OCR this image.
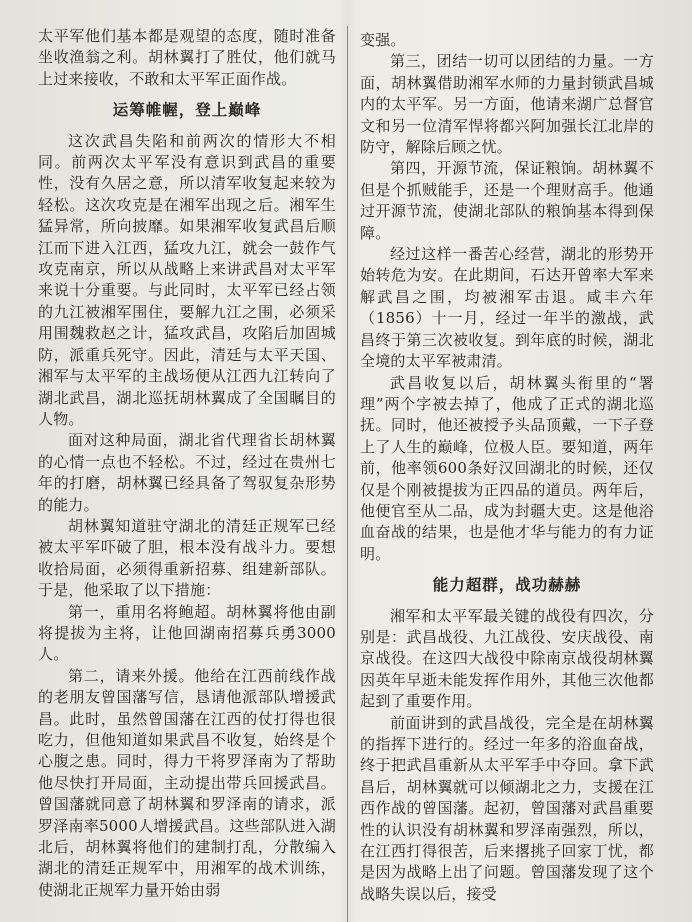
太平军他们基本都是观望的态度，随时准备坐收渔翁之利。胡林翼打了胜仗，他们就马上过来接收，不敢和太平军正面作战。

运筹帷幄，登上巅峰

这次武昌失陷和前两次的情形大不相同。前两次太平军没有意识到武昌的重要性，没有久居之意，所以清军收复起来较为轻松。这次攻克是在湘军出现之后。湘军生猛异常，所向披靡。如果湘军收复武昌后顺江而下进入江西，猛攻九江，就会一鼓作气攻克南京，所以从战略上来讲武昌对太平军来说十分重要。与此同时，太平军已经占领的九江被湘军围住，要解九江之围，必须采用围魏救赵之计，猛攻武昌，攻陷后加固城防，派重兵死守。因此，清廷与太平天国、湘军与太平军的主战场便从江西九江转向了湖北武昌，湖北巡抚胡林翼成了全国瞩目的人物。

面对这种局面，湖北省代理省长胡林翼的心情一点也不轻松。不过，经过在贵州七年的打磨，胡林翼已经具备了驾驭复杂形势的能力。

胡林翼知道驻守湖北的清廷正规军已经被太平军吓破了胆，根本没有战斗力。要想收拾局面，必须得重新招募、组建新部队。于是，他采取了以下措施：

第一，重用名将鲍超。胡林翼将他由副将提拔为主将，让他回湖南招募兵勇3000人。

第二，请来外援。他给在江西前线作战的老朋友曾国藩写信，恳请他派部队增援武昌。此时，虽然曾国藩在江西的仗打得也很吃力，但他知道如果武昌不收复，始终是个心腹之患。同时，得力干将罗泽南为了帮助他尽快打开局面，主动提出带兵回援武昌。曾国藩就同意了胡林翼和罗泽南的请求，派罗泽南率5000人增援武昌。这些部队进入湖北后，胡林翼将他们的建制打乱，分散编入湖北的清廷正规军中，用湘军的战术训练，使湖北正规军力量开始由弱

变强。

第三，团结一切可以团结的力量。一方面，胡林翼借助湘军水师的力量封锁武昌城内的太平军。另一方面，他请来湖广总督官文和另一位清军悍将都兴阿加强长江北岸的防守，解除后顾之忧。

第四，开源节流，保证粮饷。胡林翼不但是个抓贼能手，还是一个理财高手。他通过开源节流，使湖北部队的粮饷基本得到保障。

经过这样一番苦心经营，湖北的形势开始转危为安。在此期间，石达开曾率大军来解武昌之围，均被湘军击退。咸丰六年（1856）十一月，经过一年半的激战，武昌终于第三次被收复。到年底的时候，湖北全境的太平军被肃清。

武昌收复以后，胡林翼头衔里的“署理”两个字被去掉了，他成了正式的湖北巡抚。同时，他还被授予头品顶戴，一下子登上了人生的巅峰，位极人臣。要知道，两年前，他率领600条好汉回湖北的时候，还仅仅是个刚被提拔为正四品的道员。两年后，他便官至从二品，成为封疆大吏。这是他浴血奋战的结果，也是他才华与能力的有力证明。

能力超群，战功赫赫

湘军和太平军最关键的战役有四次，分别是：武昌战役、九江战役、安庆战役、南京战役。在这四大战役中除南京战役胡林翼因英年早逝未能发挥作用外，其他三次他都起到了重要作用。

前面讲到的武昌战役，完全是在胡林翼的指挥下进行的。经过一年多的浴血奋战，终于把武昌重新从太平军手中夺回。拿下武昌后，胡林翼就可以倾湖北之力，支援在江西作战的曾国藩。起初，曾国藩对武昌重要性的认识没有胡林翼和罗泽南强烈，所以，在江西打得很苦，后来撂挑子回家丁忧，都是因为战略上出了问题。曾国藩发现了这个战略失误以后，接受
